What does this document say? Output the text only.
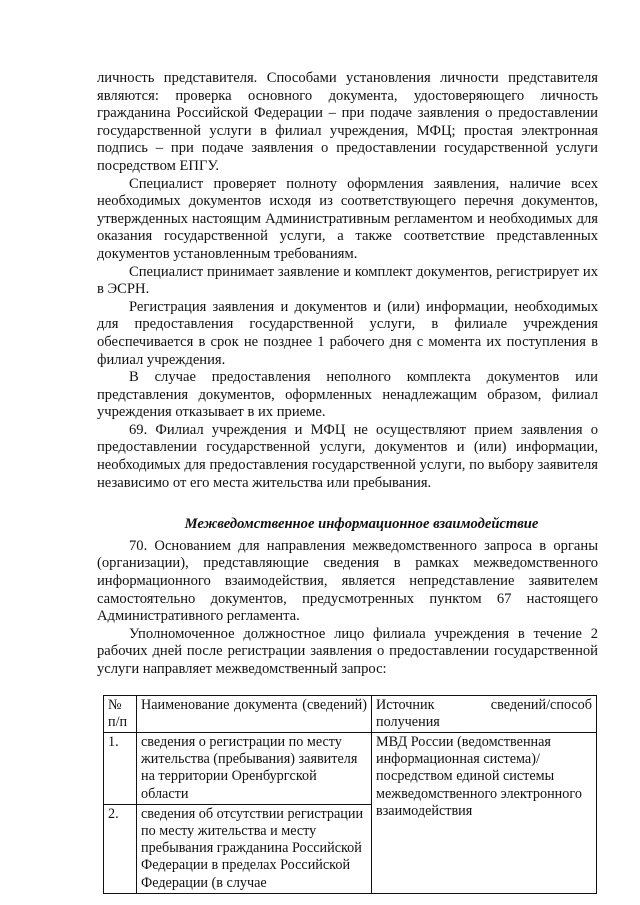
личность представителя. Способами установления личности представителя являются: проверка основного документа, удостоверяющего личность гражданина Российской Федерации – при подаче заявления о предоставлении государственной услуги в филиал учреждения, МФЦ; простая электронная подпись – при подаче заявления о предоставлении государственной услуги посредством ЕПГУ.

Специалист проверяет полноту оформления заявления, наличие всех необходимых документов исходя из соответствующего перечня документов, утвержденных настоящим Административным регламентом и необходимых для оказания государственной услуги, а также соответствие представленных документов установленным требованиям.

Специалист принимает заявление и комплект документов, регистрирует их в ЭСРН.

Регистрация заявления и документов и (или) информации, необходимых для предоставления государственной услуги, в филиале учреждения обеспечивается в срок не позднее 1 рабочего дня с момента их поступления в филиал учреждения.

В случае предоставления неполного комплекта документов или представления документов, оформленных ненадлежащим образом, филиал учреждения отказывает в их приеме.

69. Филиал учреждения и МФЦ не осуществляют прием заявления о предоставлении государственной услуги, документов и (или) информации, необходимых для предоставления государственной услуги, по выбору заявителя независимо от его места жительства или пребывания.

Межведомственное информационное взаимодействие

70. Основанием для направления межведомственного запроса в органы (организации), представляющие сведения в рамках межведомственного информационного взаимодействия, является непредставление заявителем самостоятельно документов, предусмотренных пунктом 67 настоящего Административного регламента.

Уполномоченное должностное лицо филиала учреждения в течение 2 рабочих дней после регистрации заявления о предоставлении государственной услуги направляет межведомственный запрос:

№ п/п	Наименование документа (сведений)	Источник сведений/способ получения
1.	сведения о регистрации по месту жительства (пребывания) заявителя на территории Оренбургской области	МВД России (ведомственная информационная система)/ посредством единой системы межведомственного электронного взаимодействия
2.	сведения об отсутствии регистрации по месту жительства и месту пребывания гражданина Российской Федерации в пределах Российской Федерации (в случае	
